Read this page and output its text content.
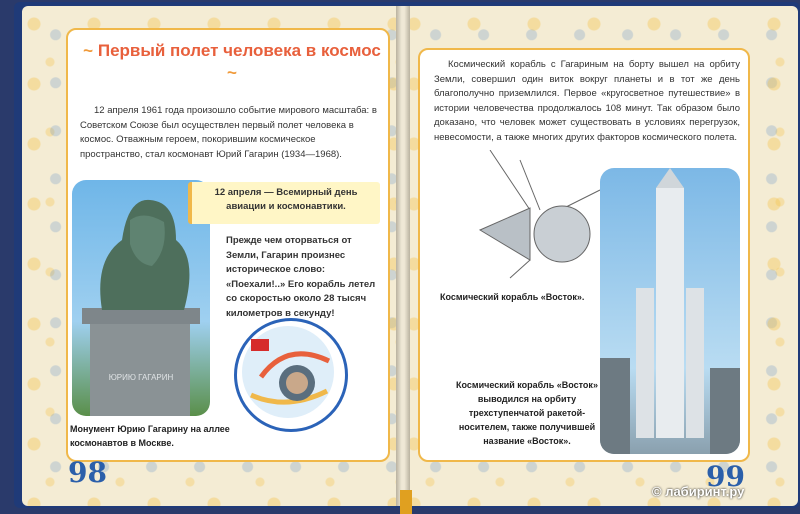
~ Первый полет человека в космос
~
12 апреля 1961 года произошло событие мирового масштаба: в Советском Союзе был осуществлен первый полет человека в космос. Отважным героем, покорившим космическое пространство, стал космонавт Юрий Гагарин (1934—1968).
ЮРИЮ ГАГАРИН
12 апреля — Всемирный день авиации и космонавтики.
Прежде чем оторваться от Земли, Гагарин произнес историческое слово: «Поехали!..» Его корабль летел со скоростью около 28 тысяч километров в секунду!
Монумент Юрию Гагарину на аллее космонавтов в Москве.
98
Космический корабль с Гагариным на борту вышел на орбиту Земли, совершил один виток вокруг планеты и в тот же день благополучно приземлился. Первое «кругосветное путешествие» в истории человечества продолжалось 108 минут. Так образом было доказано, что человек может существовать в условиях перегрузок, невесомости, а также многих других факторов космического полета.
Космический корабль «Восток».
Космический корабль «Восток» выводился на орбиту трехступенчатой ракетой-носителем, также получившей название «Восток».
99
© лабиринт.ру
